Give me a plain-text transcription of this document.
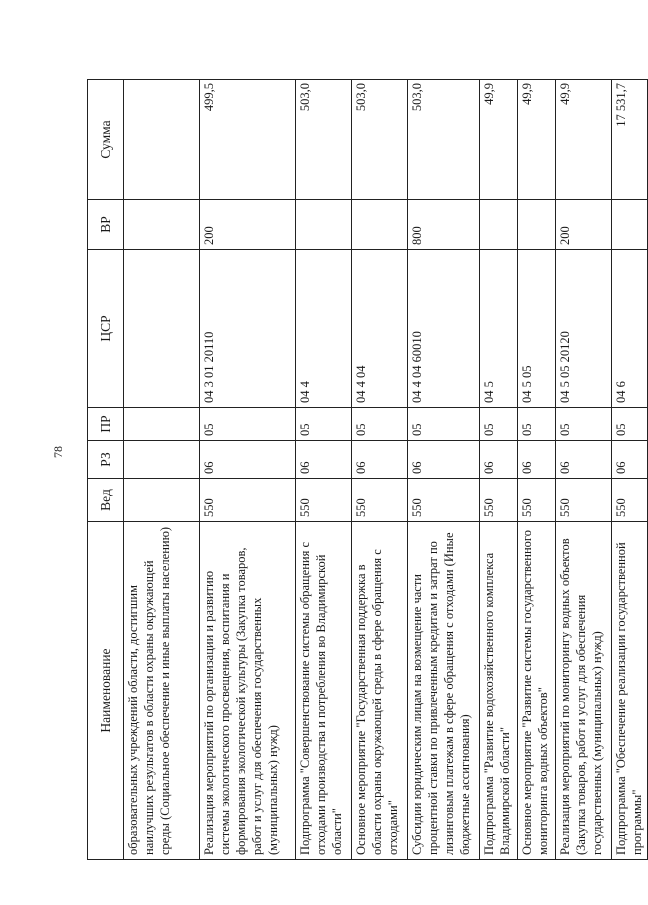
78
Наименование	Вед	РЗ	ПР	ЦСР	ВР	Сумма
образовательных учреждений области, достигшим наилучших результатов в области охраны окружающей среды (Социальное обеспечение и иные выплаты населению)						
Реализация мероприятий по организации и развитию системы экологического просвещения, воспитания и формирования экологической культуры (Закупка товаров, работ и услуг для обеспечения государственных (муниципальных) нужд)	550	06	05	04 3 01 20110	200	499,5
Подпрограмма "Совершенствование системы обращения с отходами производства и потребления во Владимирской области"	550	06	05	04 4		503,0
Основное мероприятие "Государственная поддержка в области охраны окружающей среды в сфере обращения с отходами"	550	06	05	04 4 04		503,0
Субсидии юридическим лицам на возмещение части процентной ставки по привлеченным кредитам и затрат по лизинговым платежам в сфере обращения с отходами (Иные бюджетные ассигнования)	550	06	05	04 4 04 60010	800	503,0
Подпрограмма "Развитие водохозяйственного комплекса Владимирской области"	550	06	05	04 5		49,9
Основное мероприятие "Развитие системы государственного мониторинга водных объектов"	550	06	05	04 5 05		49,9
Реализация мероприятий по мониторингу водных объектов (Закупка товаров, работ и услуг для обеспечения государственных (муниципальных) нужд)	550	06	05	04 5 05 20120	200	49,9
Подпрограмма "Обеспечение реализации государственной программы"	550	06	05	04 6		17 531,7
